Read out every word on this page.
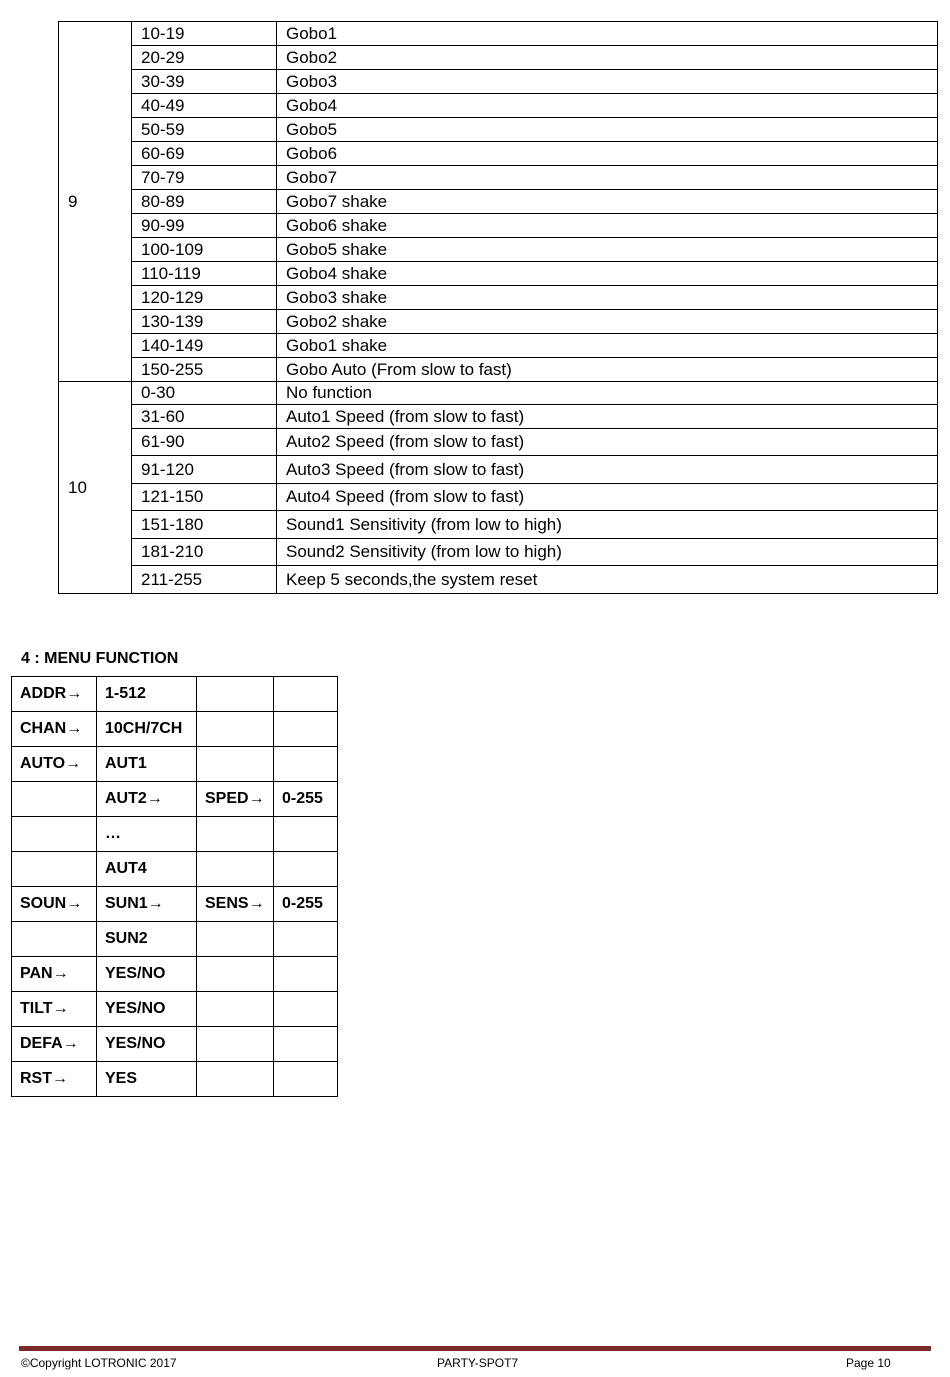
9	10-19	Gobo1
	20-29	Gobo2
	30-39	Gobo3
	40-49	Gobo4
	50-59	Gobo5
	60-69	Gobo6
	70-79	Gobo7
	80-89	Gobo7 shake
	90-99	Gobo6 shake
	100-109	Gobo5 shake
	110-119	Gobo4 shake
	120-129	Gobo3 shake
	130-139	Gobo2 shake
	140-149	Gobo1 shake
	150-255	Gobo Auto (From slow to fast)
10	0-30	No function
	31-60	Auto1 Speed (from slow to fast)
	61-90	Auto2 Speed (from slow to fast)
	91-120	Auto3 Speed (from slow to fast)
	121-150	Auto4 Speed (from slow to fast)
	151-180	Sound1 Sensitivity (from low to high)
	181-210	Sound2 Sensitivity (from low to high)
	211-255	Keep 5 seconds,the system reset
4 : MENU FUNCTION
ADDR→	1-512		
CHAN→	10CH/7CH		
AUTO→	AUT1		
	AUT2→	SPED→	0-255
	…		
	AUT4		
SOUN→	SUN1→	SENS→	0-255
	SUN2		
PAN→	YES/NO		
TILT→	YES/NO		
DEFA→	YES/NO		
RST→	YES		
©Copyright LOTRONIC 2017	PARTY-SPOT7	Page 10
